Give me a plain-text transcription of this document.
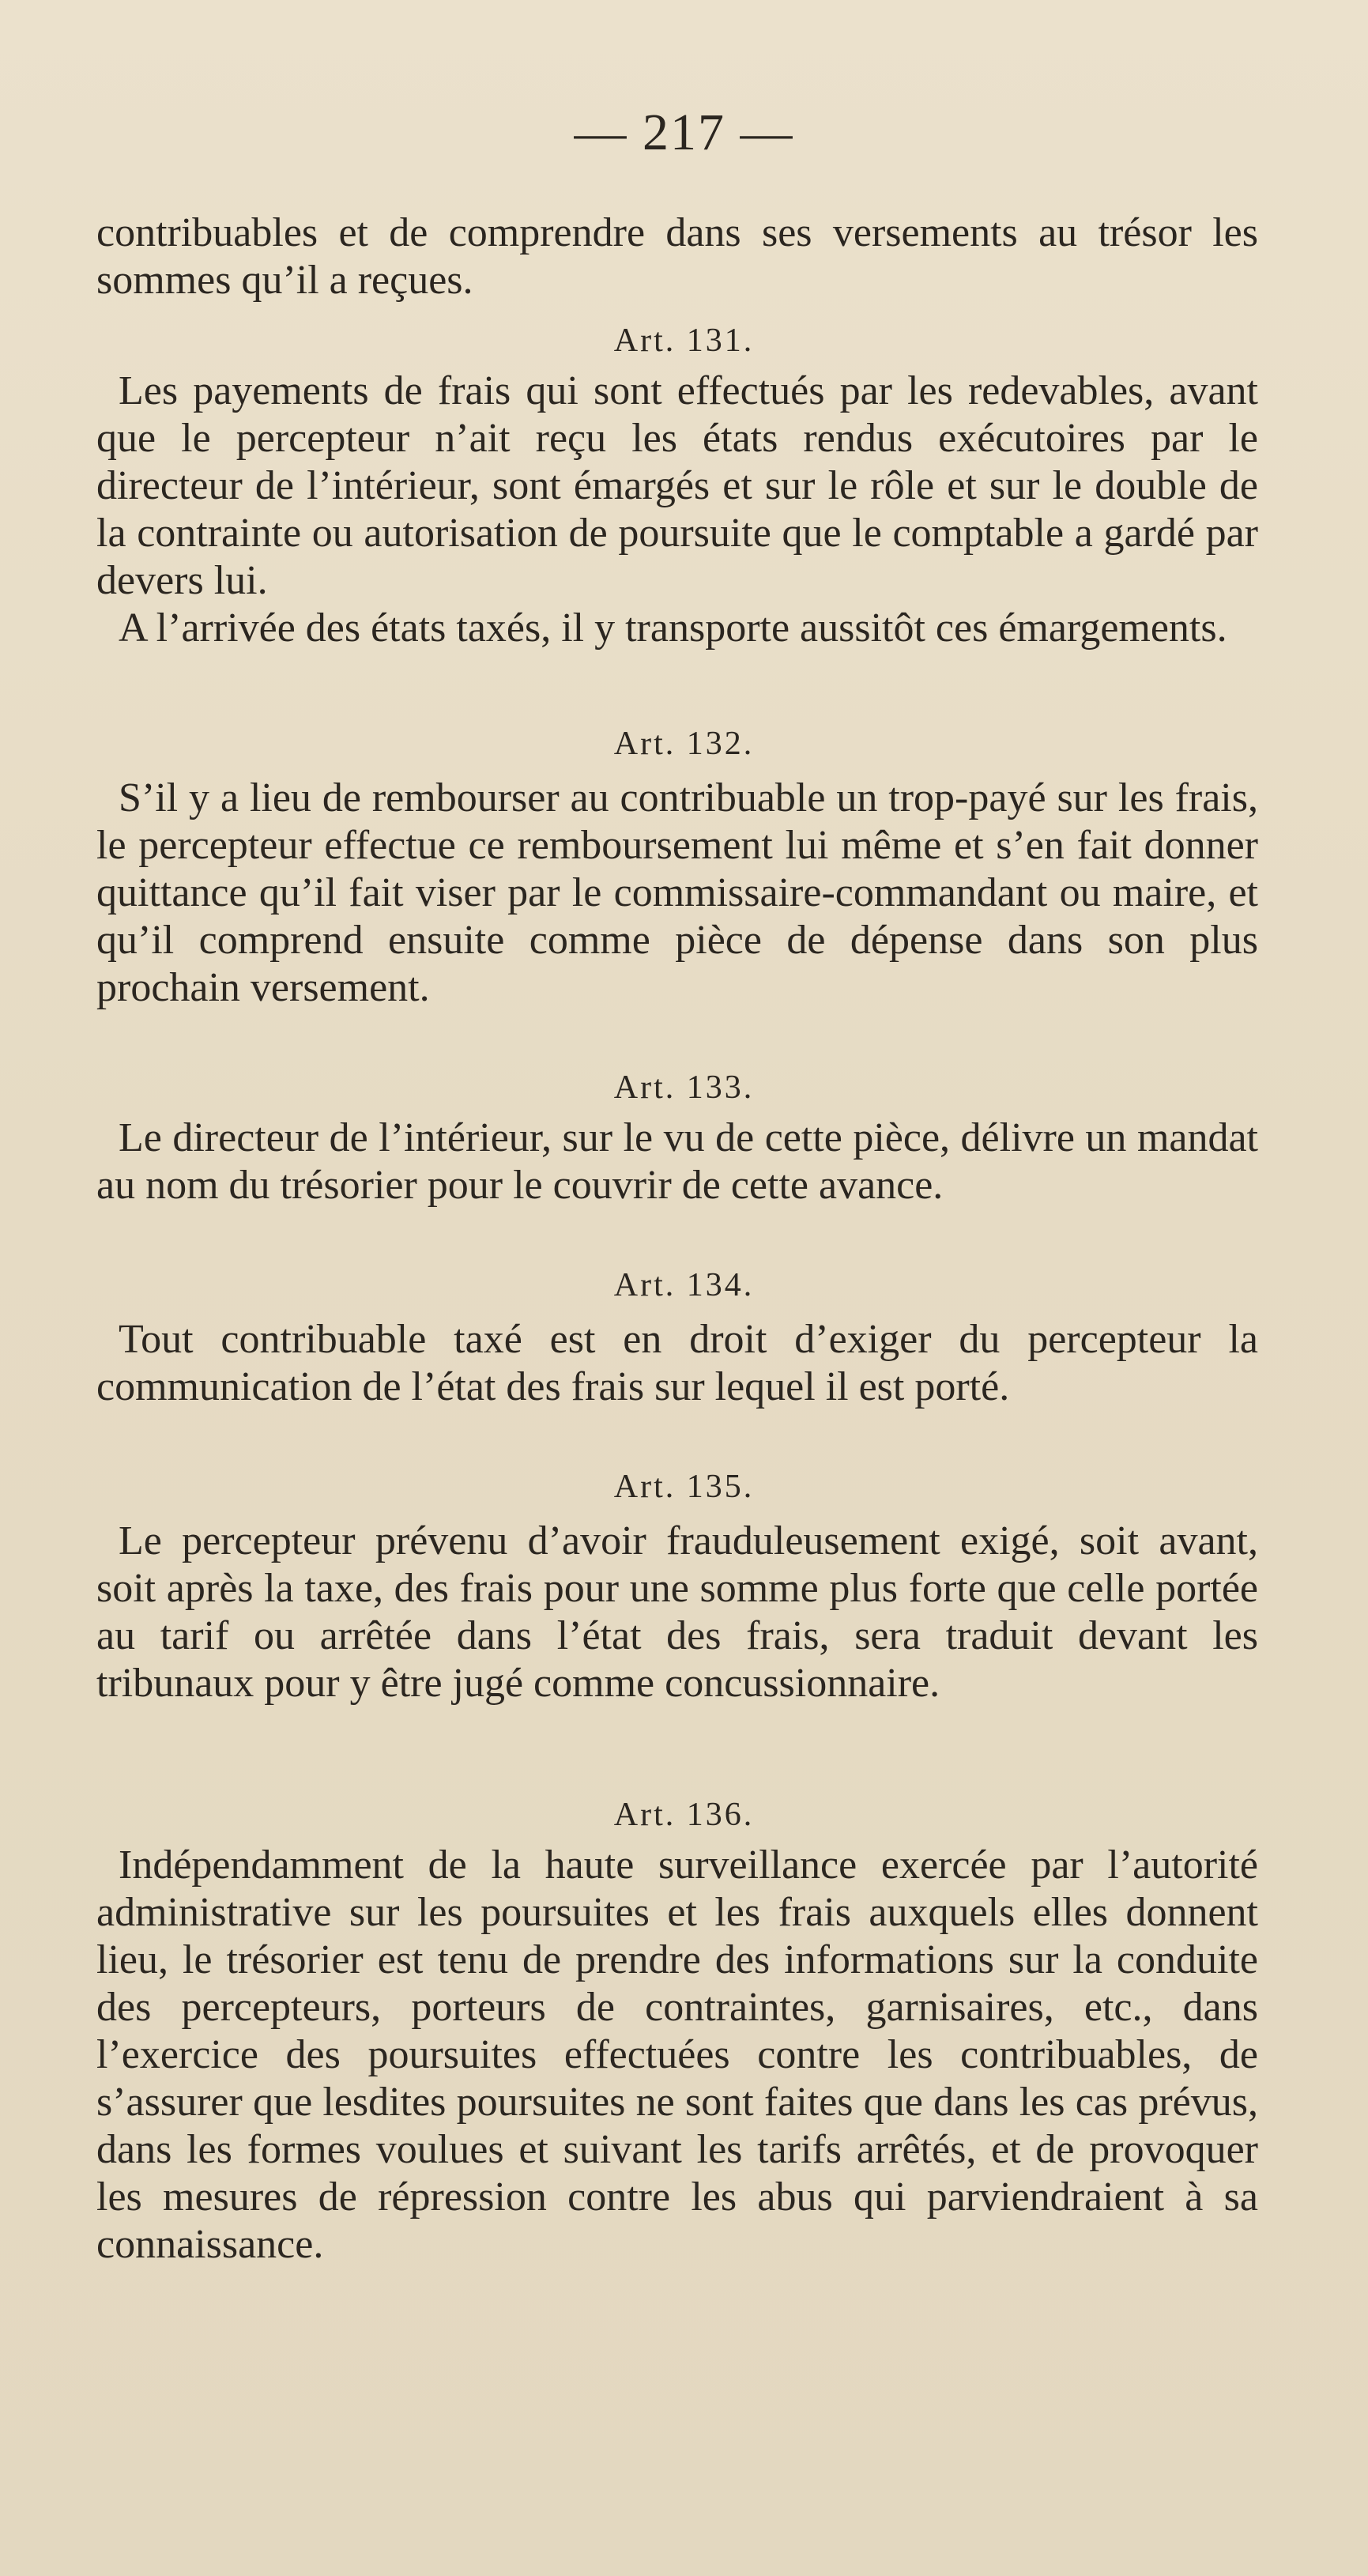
— 217 —

contribuables et de comprendre dans ses versements au trésor les sommes qu’il a reçues.

Art. 131.

Les payements de frais qui sont effectués par les redevables, avant que le percepteur n’ait reçu les états rendus exécutoires par le directeur de l’intérieur, sont émargés et sur le rôle et sur le double de la contrainte ou autorisation de poursuite que le comptable a gardé par devers lui.

A l’arrivée des états taxés, il y transporte aussitôt ces émargements.

Art. 132.

S’il y a lieu de rembourser au contribuable un trop-payé sur les frais, le percepteur effectue ce remboursement lui même et s’en fait donner quittance qu’il fait viser par le commissaire-commandant ou maire, et qu’il comprend ensuite comme pièce de dépense dans son plus prochain versement.

Art. 133.

Le directeur de l’intérieur, sur le vu de cette pièce, délivre un mandat au nom du trésorier pour le couvrir de cette avance.

Art. 134.

Tout contribuable taxé est en droit d’exiger du percepteur la communication de l’état des frais sur lequel il est porté.

Art. 135.

Le percepteur prévenu d’avoir frauduleusement exigé, soit avant, soit après la taxe, des frais pour une somme plus forte que celle portée au tarif ou arrêtée dans l’état des frais, sera traduit devant les tribunaux pour y être jugé comme concussionnaire.

Art. 136.

Indépendamment de la haute surveillance exercée par l’autorité administrative sur les poursuites et les frais auxquels elles donnent lieu, le trésorier est tenu de prendre des informations sur la conduite des percepteurs, porteurs de contraintes, garnisaires, etc., dans l’exercice des poursuites effectuées contre les contribuables, de s’assurer que lesdites poursuites ne sont faites que dans les cas prévus, dans les formes voulues et suivant les tarifs arrêtés, et de provoquer les mesures de répression contre les abus qui parviendraient à sa connaissance.
